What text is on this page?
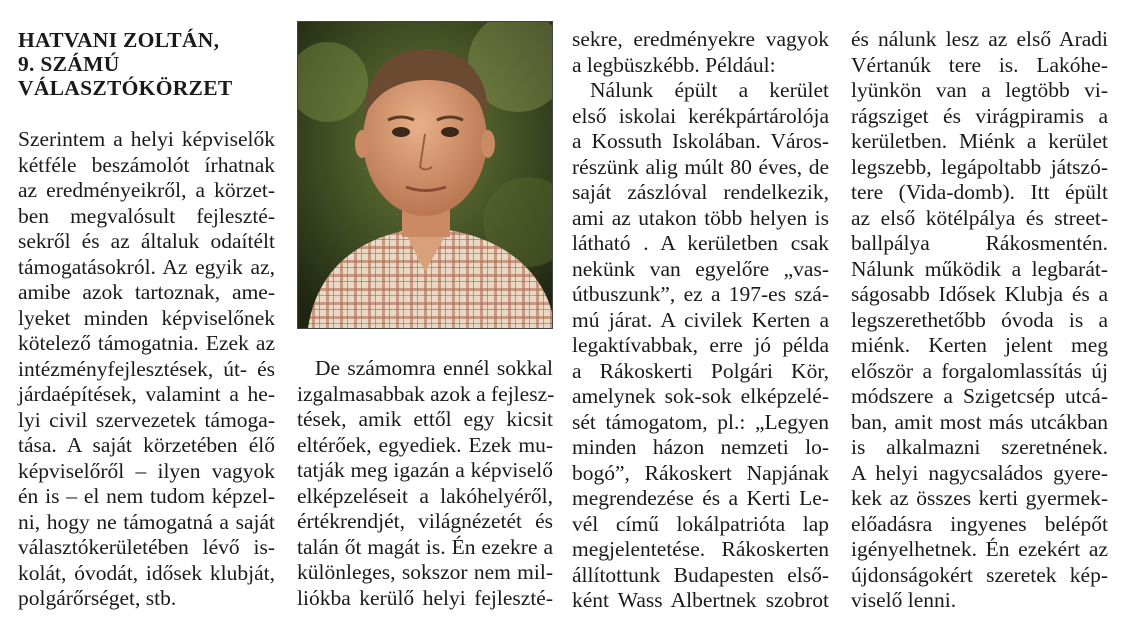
HATVANI ZOLTÁN,
9. SZÁMÚ
VÁLASZTÓKÖRZET
Szerintem a helyi képviselők
kétféle beszámolót írhatnak
az eredményeikről, a körzet-
ben megvalósult fejleszté-
sekről és az általuk odaítélt
támogatásokról. Az egyik az,
amibe azok tartoznak, ame-
lyeket minden képviselőnek
kötelező támogatnia. Ezek az
intézményfejlesztések, út- és
járdaépítések, valamint a he-
lyi civil szervezetek támoga-
tása. A saját körzetében élő
képviselőről – ilyen vagyok
én is – el nem tudom képzel-
ni, hogy ne támogatná a saját
választókerületében lévő is-
kolát, óvodát, idősek klubját,
polgárőrséget, stb.
De számomra ennél sokkal
izgalmasabbak azok a fejlesz-
tések, amik ettől egy kicsit
eltérőek, egyediek. Ezek mu-
tatják meg igazán a képviselő
elképzeléseit a lakóhelyéről,
értékrendjét, világnézetét és
talán őt magát is. Én ezekre a
különleges, sokszor nem mil-
liókba kerülő helyi fejleszté-
sekre, eredményekre vagyok
a legbüszkébb. Például:
Nálunk épült a kerület
első iskolai kerékpártárolója
a Kossuth Iskolában. Város-
részünk alig múlt 80 éves, de
saját zászlóval rendelkezik,
ami az utakon több helyen is
látható . A kerületben csak
nekünk van egyelőre „vas-
útbuszunk”, ez a 197-es szá-
mú járat. A civilek Kerten a
legaktívabbak, erre jó példa
a Rákoskerti Polgári Kör,
amelynek sok-sok elképzelé-
sét támogatom, pl.: „Legyen
minden házon nemzeti lo-
bogó”, Rákoskert Napjának
megrendezése és a Kerti Le-
vél című lokálpatrióta lap
megjelentetése. Rákoskerten
állítottunk Budapesten első-
ként Wass Albertnek szobrot
és nálunk lesz az első Aradi
Vértanúk tere is. Lakóhe-
lyünkön van a legtöbb vi-
rágsziget és virágpiramis a
kerületben. Miénk a kerület
legszebb, legápoltabb játszó-
tere (Vida-domb). Itt épült
az első kötélpálya és street-
ballpálya Rákosmentén.
Nálunk működik a legbarát-
ságosabb Idősek Klubja és a
legszerethetőbb óvoda is a
miénk. Kerten jelent meg
először a forgalomlassítás új
módszere a Szigetcsép utcá-
ban, amit most más utcákban
is alkalmazni szeretnének.
A helyi nagycsaládos gyere-
kek az összes kerti gyermek-
előadásra ingyenes belépőt
igényelhetnek. Én ezekért az
újdonságokért szeretek kép-
viselő lenni.
